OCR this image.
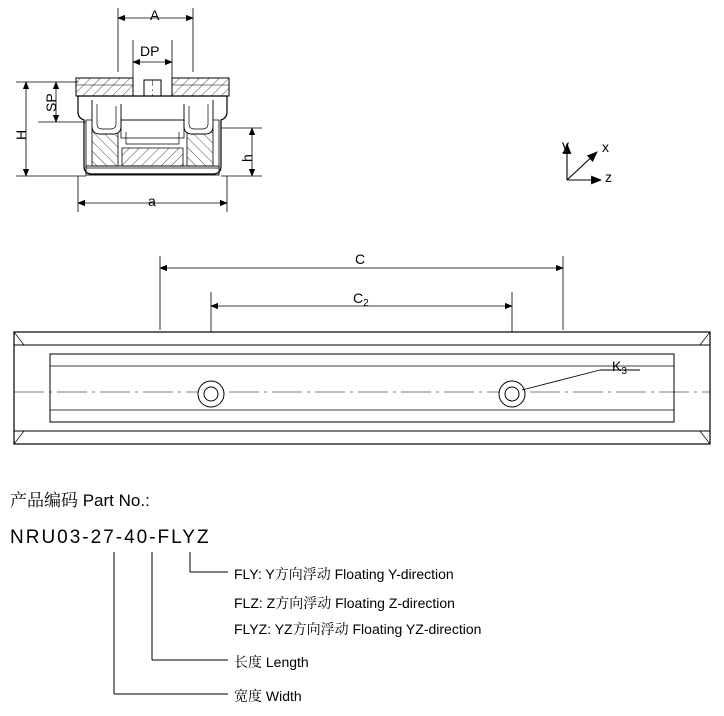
A
DP
SP
H
h
a
y x
z
C
$C_2$
$K_3$
产品编码 Part No.:
NRU03-27-40-FLYZ
FLY: Y方向浮动 Floating Y-direction
FLZ: Z方向浮动 Floating Z-direction
FLYZ: YZ方向浮动 Floating YZ-direction
长度 Length
宽度 Width
